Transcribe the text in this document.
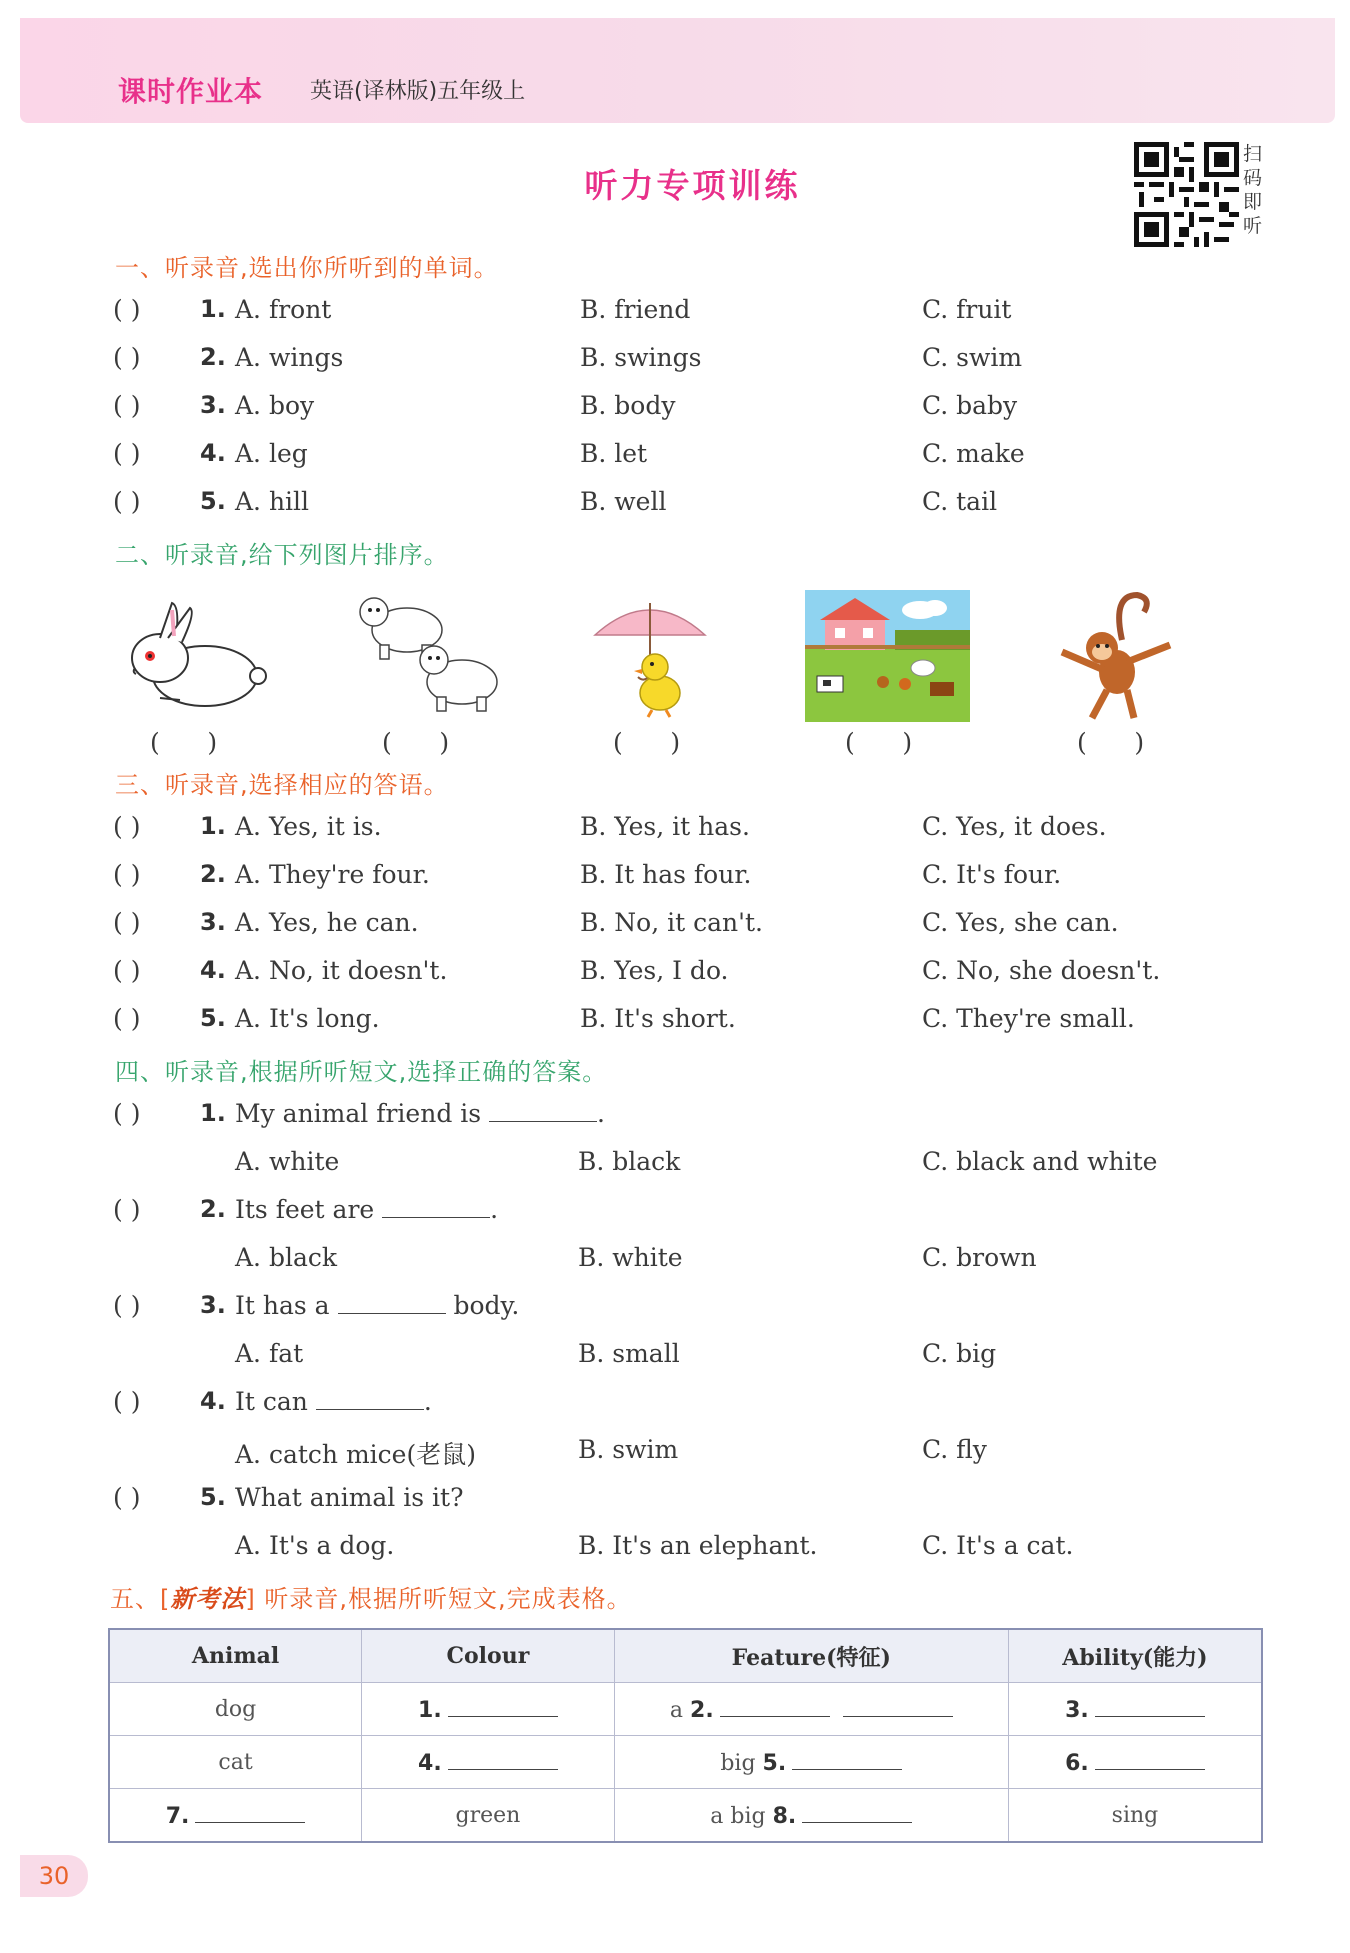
课时作业本 英语(译林版)五年级上
听力专项训练
扫
码
即
听
一、听录音,选出你所听到的单词。
( ) 1. A. front	B. friend	C. fruit
( ) 2. A. wings	B. swings	C. swim
( ) 3. A. boy	B. body	C. baby
( ) 4. A. leg	B. let	C. make
( ) 5. A. hill	B. well	C. tail
二、听录音,给下列图片排序。
(      )	(      )	(      )	(      )	(      )
三、听录音,选择相应的答语。
( ) 1. A. Yes, it is.	B. Yes, it has.	C. Yes, it does.
( ) 2. A. They're four.	B. It has four.	C. It's four.
( ) 3. A. Yes, he can.	B. No, it can't.	C. Yes, she can.
( ) 4. A. No, it doesn't.	B. Yes, I do.	C. No, she doesn't.
( ) 5. A. It's long.	B. It's short.	C. They're small.
四、听录音,根据所听短文,选择正确的答案。
( ) 1. My animal friend is	.
A. white	B. black	C. black and white
( ) 2. Its feet are	.
A. black	B. white	C. brown
( ) 3. It has a	body.
A. fat	B. small	C. big
( ) 4. It can	.
A. catch mice(老鼠)	B. swim	C. fly
( ) 5. What animal is it?
A. It's a dog.	B. It's an elephant.	C. It's a cat.
五、[新考法] 听录音,根据所听短文,完成表格。
Animal	Colour	Feature(特征)	Ability(能力)
dog	1.	a 2.	3.
cat	4.	big 5.	6.
7.	green	a big 8.	sing
30
